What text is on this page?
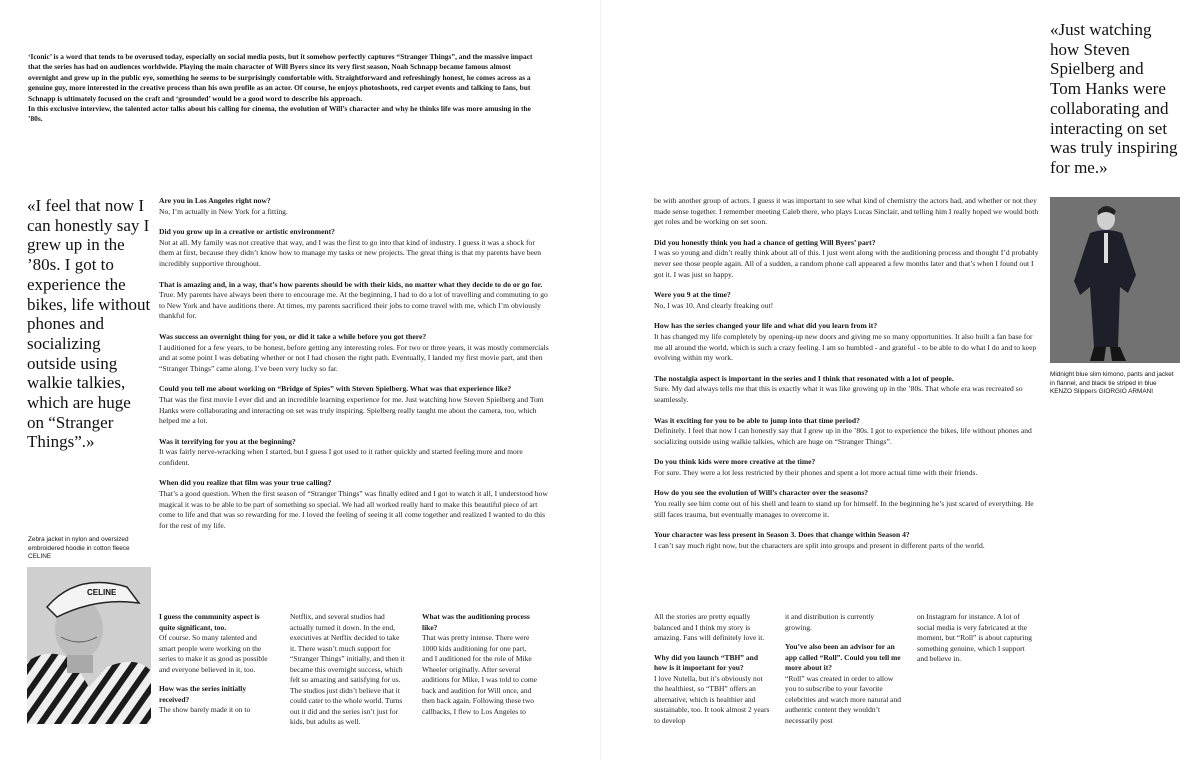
‘Iconic’ is a word that tends to be overused today, especially on social media posts, but it somehow perfectly captures “Stranger Things”, and the massive impact that the series has had on audiences worldwide. Playing the main character of Will Byers since its very first season, Noah Schnapp became famous almost overnight and grew up in the public eye, something he seems to be surprisingly comfortable with. Straightforward and refreshingly honest, he comes across as a genuine guy, more interested in the creative process than his own profile as an actor. Of course, he enjoys photoshoots, red carpet events and talking to fans, but Schnapp is ultimately focused on the craft and ‘grounded’ would be a good word to describe his approach.

In this exclusive interview, the talented actor talks about his calling for cinema, the evolution of Will’s character and why he thinks life was more amusing in the ’80s.

«I feel that now I can honestly say I grew up in the ’80s. I got to experience the bikes, life without phones and socializing outside using walkie talkies, which are huge on “Stranger Things”.»
«Just watching how Steven Spielberg and Tom Hanks were collaborating and interacting on set was truly inspiring for me.»
Zebra jacket in nylon and oversized embroidered hoodie in cotton fleece CELINE
CELINE
Midnight blue slim kimono, pants and jacket in flannel, and black tie striped in blue KENZO Slippers GIORGIO ARMANI
Are you in Los Angeles right now?
No, I’m actually in New York for a fitting.
Did you grow up in a creative or artistic environment?
Not at all. My family was not creative that way, and I was the first to go into that kind of industry. I guess it was a shock for them at first, because they didn’t know how to manage my tasks or new projects. The great thing is that my parents have been incredibly supportive throughout.
That is amazing and, in a way, that’s how parents should be with their kids, no matter what they decide to do or go for.
True. My parents have always been there to encourage me. At the beginning, I had to do a lot of travelling and commuting to go to New York and have auditions there. At times, my parents sacrificed their jobs to come travel with me, which I’m obviously thankful for.
Was success an overnight thing for you, or did it take a while before you got there?
I auditioned for a few years, to be honest, before getting any interesting roles. For two or three years, it was mostly commercials and at some point I was debating whether or not I had chosen the right path. Eventually, I landed my first movie part, and then “Stranger Things” came along. I’ve been very lucky so far.
Could you tell me about working on “Bridge of Spies” with Steven Spielberg. What was that experience like?
That was the first movie I ever did and an incredible learning experience for me. Just watching how Steven Spielberg and Tom Hanks were collaborating and interacting on set was truly inspiring. Spielberg really taught me about the camera, too, which helped me a lot.
Was it terrifying for you at the beginning?
It was fairly nerve-wracking when I started, but I guess I got used to it rather quickly and started feeling more and more confident.
When did you realize that film was your true calling?
That’s a good question. When the first season of “Stranger Things” was finally edited and I got to watch it all, I understood how magical it was to be able to be part of something so special. We had all worked really hard to make this beautiful piece of art come to life and that was so rewarding for me. I loved the feeling of seeing it all come together and realized I wanted to do this for the rest of my life.
be with another group of actors. I guess it was important to see what kind of chemistry the actors had, and whether or not they made sense together. I remember meeting Caleb there, who plays Lucas Sinclair, and telling him I really hoped we would both get roles and be working on set soon.
Did you honestly think you had a chance of getting Will Byers’ part?
I was so young and didn’t really think about all of this. I just went along with the auditioning process and thought I’d probably never see those people again. All of a sudden, a random phone call appeared a few months later and that’s when I found out I got it. I was just so happy.
Were you 9 at the time?
No, I was 10. And clearly freaking out!
How has the series changed your life and what did you learn from it?
It has changed my life completely by opening-up new doors and giving me so many opportunities. It also built a fan base for me all around the world, which is such a crazy feeling. I am so humbled - and grateful - to be able to do what I do and to keep evolving within my work.
The nostalgia aspect is important in the series and I think that resonated with a lot of people.
Sure. My dad always tells me that this is exactly what it was like growing up in the ’80s. That whole era was recreated so seamlessly.
Was it exciting for you to be able to jump into that time period?
Definitely. I feel that now I can honestly say that I grew up in the ’80s. I got to experience the bikes, life without phones and socializing outside using walkie talkies, which are huge on “Stranger Things”.
Do you think kids were more creative at the time?
For sure. They were a lot less restricted by their phones and spent a lot more actual time with their friends.
How do you see the evolution of Will’s character over the seasons?
You really see him come out of his shell and learn to stand up for himself. In the beginning he’s just scared of everything. He still faces trauma, but eventually manages to overcome it.
Your character was less present in Season 3. Does that change within Season 4?
I can’t say much right now, but the characters are split into groups and present in different parts of the world.
I guess the community aspect is quite significant, too.
Of course. So many talented and smart people were working on the series to make it as good as possible and everyone believed in it, too.
How was the series initially received?
The show barely made it on to
Netflix, and several studios had actually turned it down. In the end, executives at Netflix decided to take it. There wasn’t much support for “Stranger Things” initially, and then it became this overnight success, which felt so amazing and satisfying for us. The studios just didn’t believe that it could cater to the whole world. Turns out it did and the series isn’t just for kids, but adults as well.
What was the auditioning process like?
That was pretty intense. There were 1000 kids auditioning for one part, and I auditioned for the role of Mike Wheeler originally. After several auditions for Mike, I was told to come back and audition for Will once, and then back again. Following these two callbacks, I flew to Los Angeles to
All the stories are pretty equally balanced and I think my story is amazing. Fans will definitely love it.
Why did you launch “TBH” and how is it important for you?
I love Nutella, but it’s obviously not the healthiest, so “TBH” offers an alternative, which is healthier and sustainable, too. It took almost 2 years to develop
it and distribution is currently growing.
You’ve also been an advisor for an app called “Roll”. Could you tell me more about it?
“Roll” was created in order to allow you to subscribe to your favorite celebrities and watch more natural and authentic content they wouldn’t necessarily post
on Instagram for instance. A lot of social media is very fabricated at the moment, but “Roll” is about capturing something genuine, which I support and believe in.
